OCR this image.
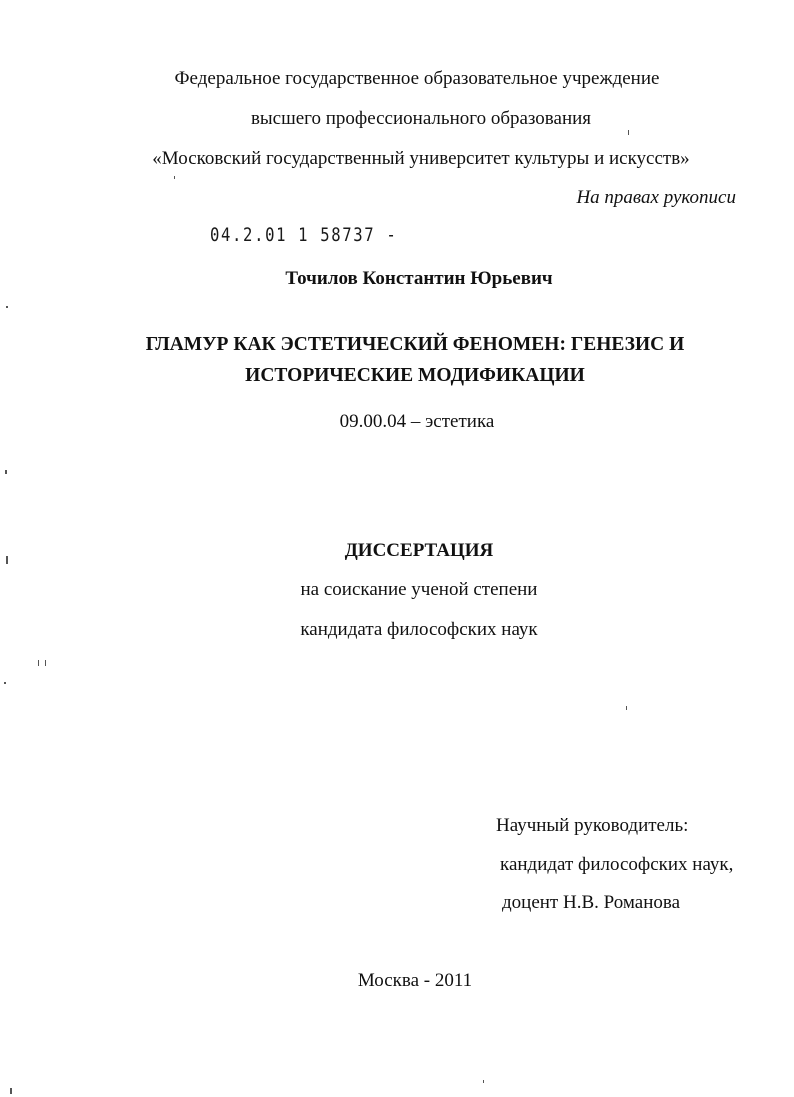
Федеральное государственное образовательное учреждение
высшего профессионального образования
«Московский государственный университет культуры и искусств»
На правах рукописи
04.2.01 1 58737 -
Точилов Константин Юрьевич
ГЛАМУР КАК ЭСТЕТИЧЕСКИЙ ФЕНОМЕН: ГЕНЕЗИС И
ИСТОРИЧЕСКИЕ МОДИФИКАЦИИ
09.00.04 – эстетика
ДИССЕРТАЦИЯ
на соискание ученой степени
кандидата философских наук
Научный руководитель:
кандидат философских наук,
доцент Н.В. Романова
Москва - 2011
